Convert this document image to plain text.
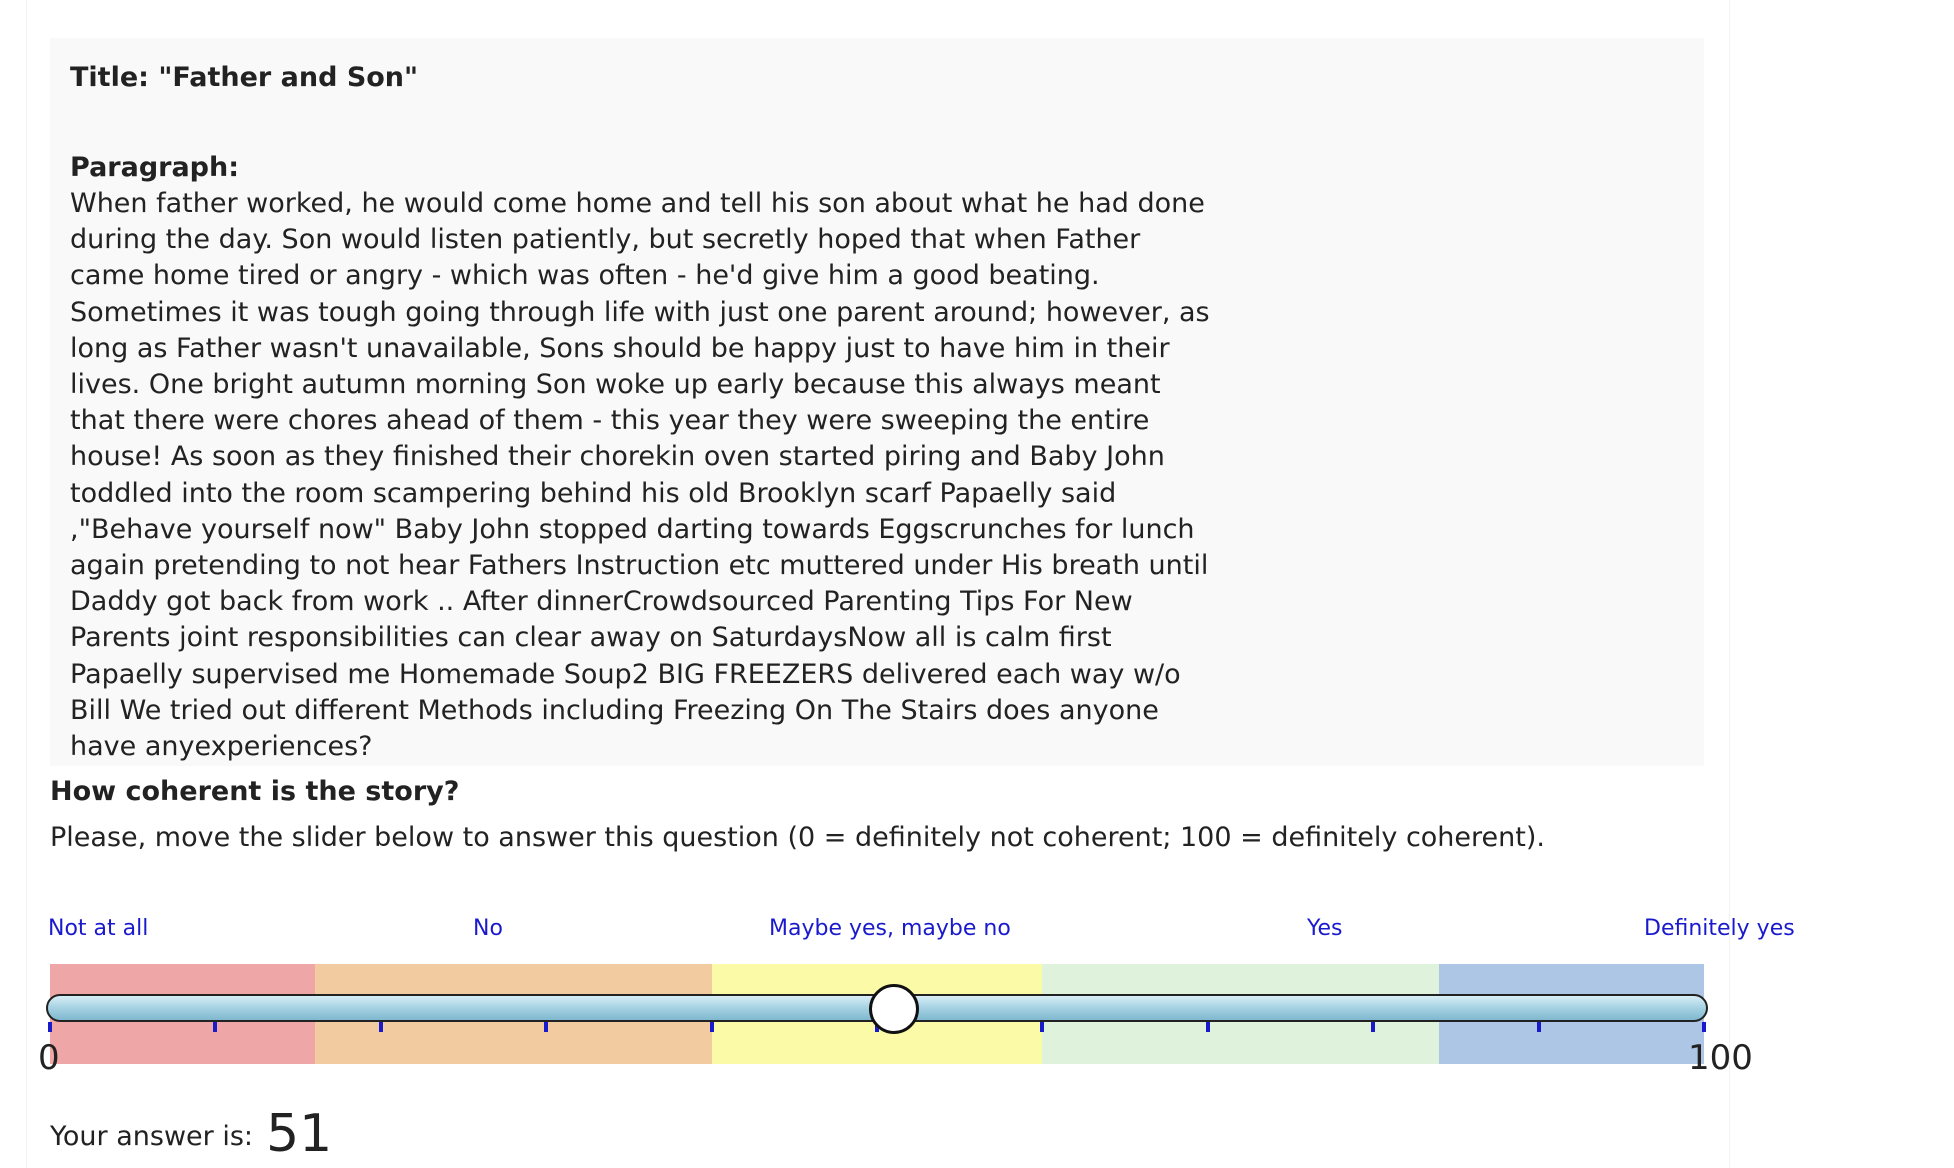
Title: "Father and Son"
Paragraph:
When father worked, he would come home and tell his son about what he had done during the day. Son would listen patiently, but secretly hoped that when Father came home tired or angry - which was often - he'd give him a good beating. Sometimes it was tough going through life with just one parent around; however, as long as Father wasn't unavailable, Sons should be happy just to have him in their lives. One bright autumn morning Son woke up early because this always meant that there were chores ahead of them - this year they were sweeping the entire house! As soon as they finished their chorekin oven started piring and Baby John toddled into the room scampering behind his old Brooklyn scarf Papaelly said ,"Behave yourself now" Baby John stopped darting towards Eggscrunches for lunch again pretending to not hear Fathers Instruction etc muttered under His breath until Daddy got back from work .. After dinnerCrowdsourced Parenting Tips For New Parents joint responsibilities can clear away on SaturdaysNow all is calm first Papaelly supervised me Homemade Soup2 BIG FREEZERS delivered each way w/o Bill We tried out different Methods including Freezing On The Stairs does anyone have anyexperiences?
How coherent is the story?
Please, move the slider below to answer this question (0 = definitely not coherent; 100 = definitely coherent).
Not at all	No	Maybe yes, maybe no	Yes	Definitely yes
0	100
Your answer is: 51
